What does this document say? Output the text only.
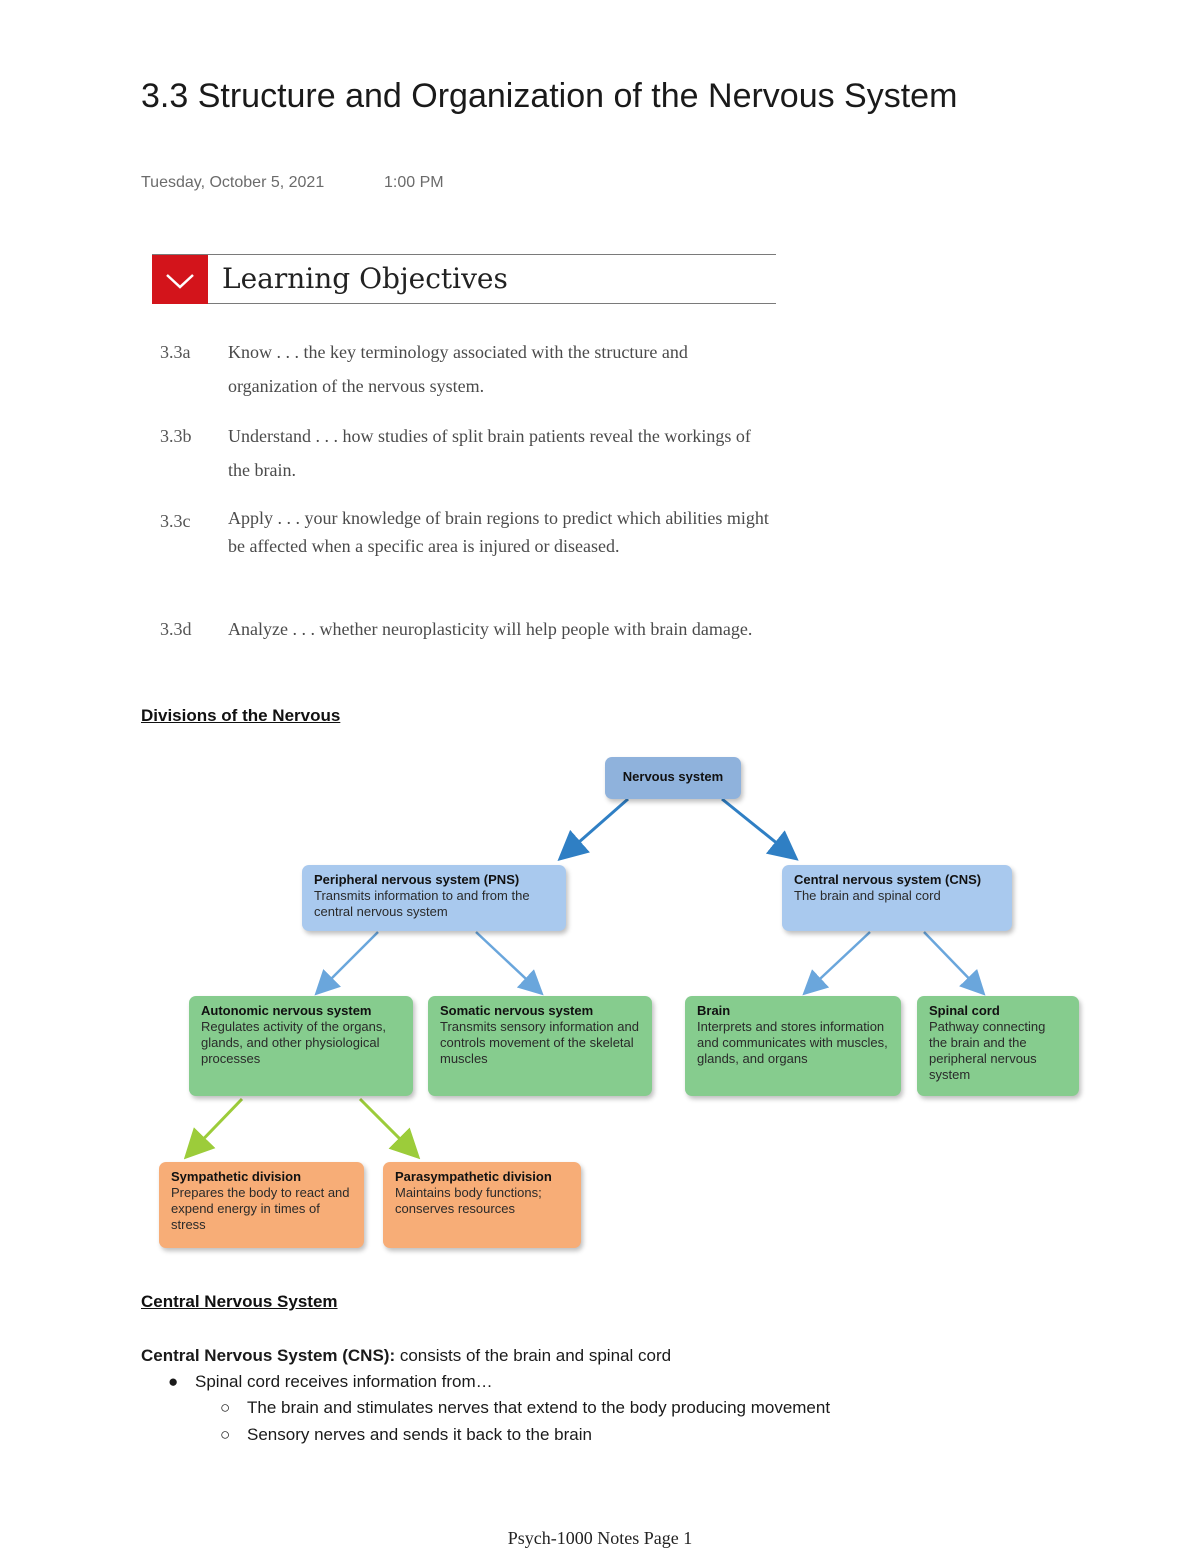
3.3 Structure and Organization of the Nervous System
Tuesday, October 5, 2021	1:00 PM
Learning Objectives
3.3a	Know . . . the key terminology associated with the structure and organization of the nervous system.
3.3b	Understand . . . how studies of split brain patients reveal the workings of the brain.
3.3c	Apply . . . your knowledge of brain regions to predict which abilities might be affected when a specific area is injured or diseased.
3.3d	Analyze . . . whether neuroplasticity will help people with brain damage.
Divisions of the Nervous
Nervous system
Peripheral nervous system (PNS)
Transmits information to and from the central nervous system
Central nervous system (CNS)
The brain and spinal cord
Autonomic nervous system
Regulates activity of the organs, glands, and other physiological processes
Somatic nervous system
Transmits sensory information and controls movement of the skeletal muscles
Brain
Interprets and stores information and communicates with muscles, glands, and organs
Spinal cord
Pathway connecting the brain and the peripheral nervous system
Sympathetic division
Prepares the body to react and expend energy in times of stress
Parasympathetic division
Maintains body functions; conserves resources
Central Nervous System
Central Nervous System (CNS): consists of the brain and spinal cord
● Spinal cord receives information from…
○ The brain and stimulates nerves that extend to the body producing movement
○ Sensory nerves and sends it back to the brain
Psych-1000 Notes Page 1
